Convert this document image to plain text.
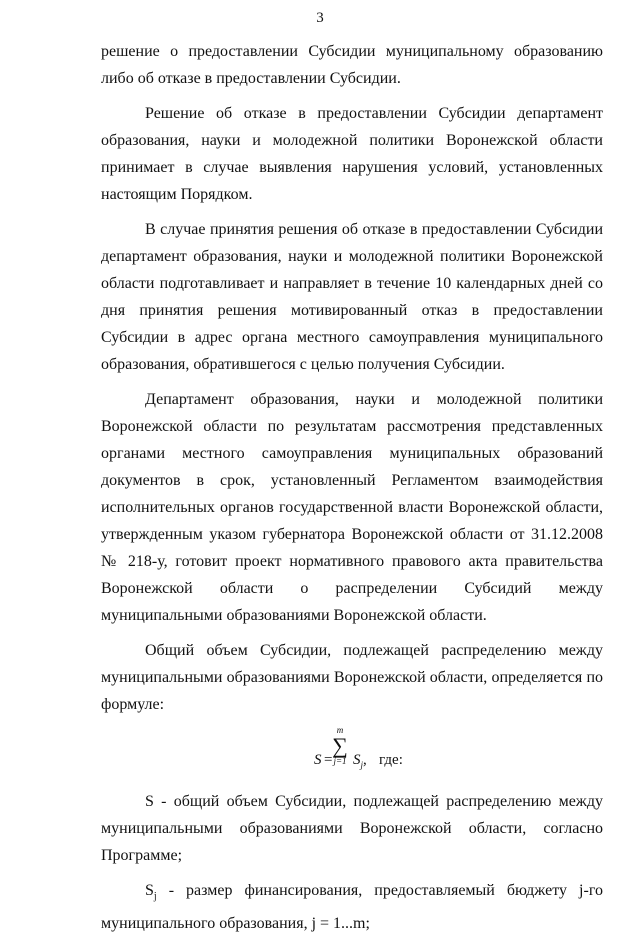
3

решение о предоставлении Субсидии муниципальному образованию либо об отказе в предоставлении Субсидии.

Решение об отказе в предоставлении Субсидии департамент образования, науки и молодежной политики Воронежской области принимает в случае выявления нарушения условий, установленных настоящим Порядком.

В случае принятия решения об отказе в предоставлении Субсидии департамент образования, науки и молодежной политики Воронежской области подготавливает и направляет в течение 10 календарных дней со дня принятия решения мотивированный отказ в предоставлении Субсидии в адрес органа местного самоуправления муниципального образования, обратившегося с целью получения Субсидии.

Департамент образования, науки и молодежной политики Воронежской области по результатам рассмотрения представленных органами местного самоуправления муниципальных образований документов в срок, установленный Регламентом взаимодействия исполнительных органов государственной власти Воронежской области, утвержденным указом губернатора Воронежской области от 31.12.2008 № 218-у, готовит проект нормативного правового акта правительства Воронежской области о распределении Субсидий между муниципальными образованиями Воронежской области.

Общий объем Субсидии, подлежащей распределению между муниципальными образованиями Воронежской области, определяется по формуле:

S =
m
∑
j=1 $S_j$, где:

S - общий объем Субсидии, подлежащей распределению между муниципальными образованиями Воронежской области, согласно Программе;

$S_j$ - размер финансирования, предоставляемый бюджету j-го муниципального образования, j = 1...m;
